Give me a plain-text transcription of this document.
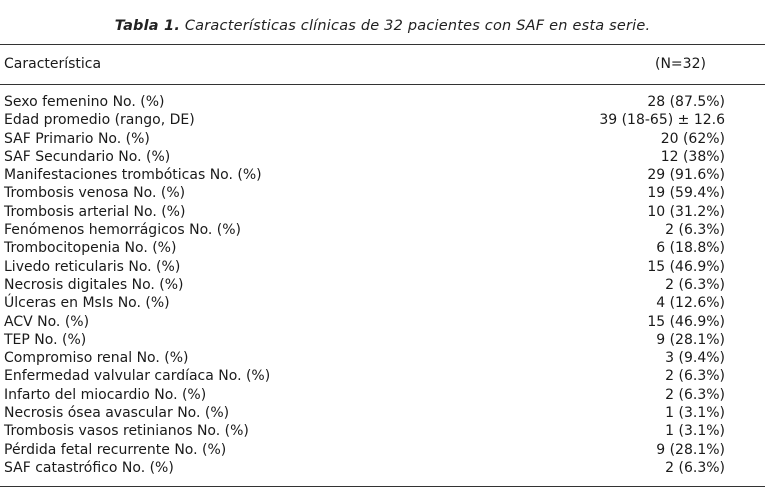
Tabla 1. Características clínicas de 32 pacientes con SAF en esta serie.
Característica	(N=32)
Sexo femenino No. (%)	28 (87.5%)
Edad promedio (rango, DE)	39 (18-65) ± 12.6
SAF Primario No. (%)	20 (62%)
SAF Secundario No. (%)	12 (38%)
Manifestaciones trombóticas No. (%)	29 (91.6%)
Trombosis venosa No. (%)	19 (59.4%)
Trombosis arterial No. (%)	10 (31.2%)
Fenómenos hemorrágicos No. (%)	2 (6.3%)
Trombocitopenia No. (%)	6 (18.8%)
Livedo reticularis No. (%)	15 (46.9%)
Necrosis digitales No. (%)	2 (6.3%)
Úlceras en MsIs No. (%)	4 (12.6%)
ACV No. (%)	15 (46.9%)
TEP No. (%)	9 (28.1%)
Compromiso renal No. (%)	3 (9.4%)
Enfermedad valvular cardíaca No. (%)	2 (6.3%)
Infarto del miocardio No. (%)	2 (6.3%)
Necrosis ósea avascular No. (%)	1 (3.1%)
Trombosis vasos retinianos No. (%)	1 (3.1%)
Pérdida fetal recurrente No. (%)	9 (28.1%)
SAF catastrófico No. (%)	2 (6.3%)
